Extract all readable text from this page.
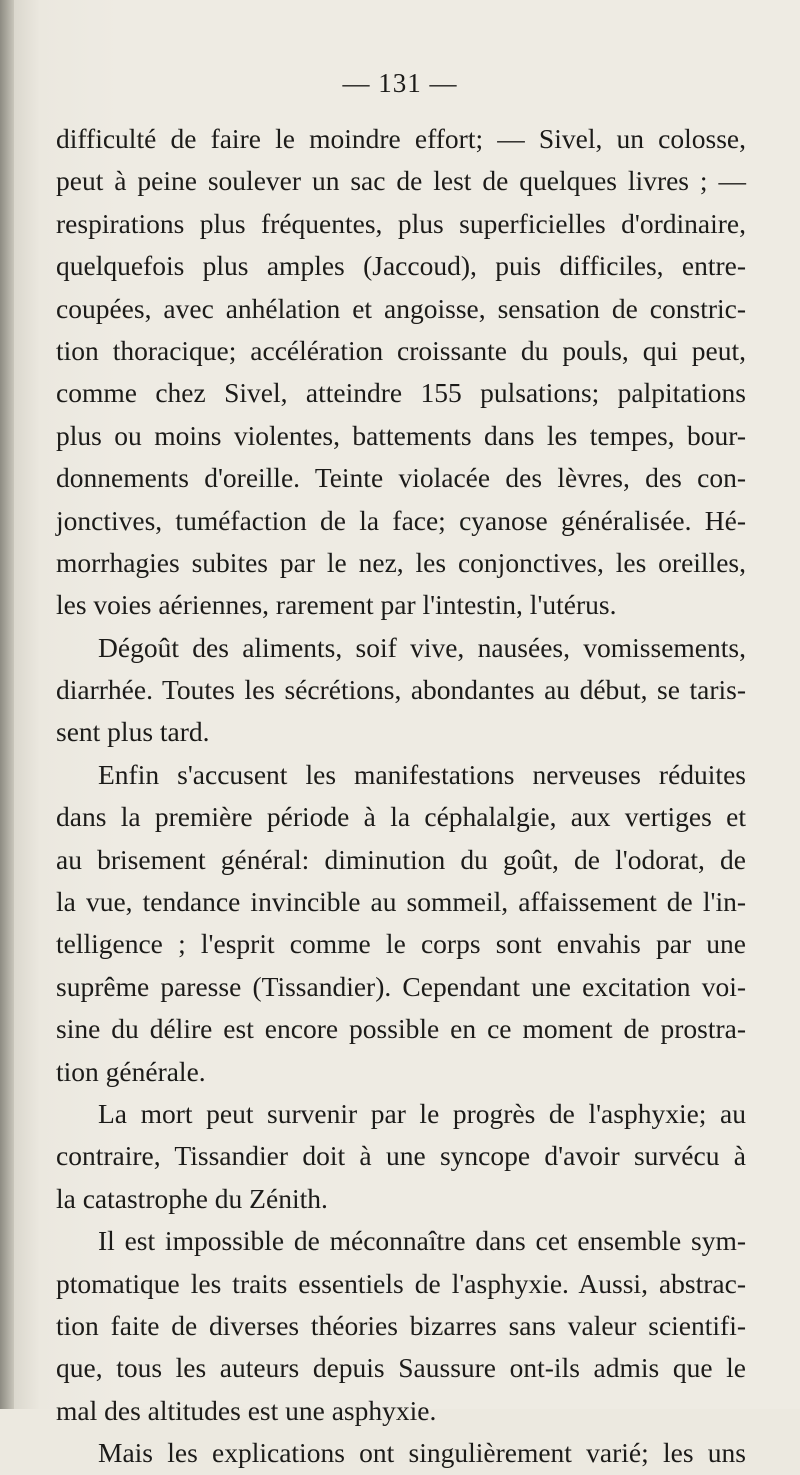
— 131 —
difficulté de faire le moindre effort; — Sivel, un colosse,
peut à peine soulever un sac de lest de quelques livres ; —
respirations plus fréquentes, plus superficielles d'ordinaire,
quelquefois plus amples (Jaccoud), puis difficiles, entre-
coupées, avec anhélation et angoisse, sensation de constric-
tion thoracique; accélération croissante du pouls, qui peut,
comme chez Sivel, atteindre 155 pulsations; palpitations
plus ou moins violentes, battements dans les tempes, bour-
donnements d'oreille. Teinte violacée des lèvres, des con-
jonctives, tuméfaction de la face; cyanose généralisée. Hé-
morrhagies subites par le nez, les conjonctives, les oreilles,
les voies aériennes, rarement par l'intestin, l'utérus.
Dégoût des aliments, soif vive, nausées, vomissements,
diarrhée. Toutes les sécrétions, abondantes au début, se taris-
sent plus tard.
Enfin s'accusent les manifestations nerveuses réduites
dans la première période à la céphalalgie, aux vertiges et
au brisement général: diminution du goût, de l'odorat, de
la vue, tendance invincible au sommeil, affaissement de l'in-
telligence ; l'esprit comme le corps sont envahis par une
suprême paresse (Tissandier). Cependant une excitation voi-
sine du délire est encore possible en ce moment de prostra-
tion générale.
La mort peut survenir par le progrès de l'asphyxie; au
contraire, Tissandier doit à une syncope d'avoir survécu à
la catastrophe du Zénith.
Il est impossible de méconnaître dans cet ensemble sym-
ptomatique les traits essentiels de l'asphyxie. Aussi, abstrac-
tion faite de diverses théories bizarres sans valeur scientifi-
que, tous les auteurs depuis Saussure ont-ils admis que le
mal des altitudes est une asphyxie.
Mais les explications ont singulièrement varié; les uns
